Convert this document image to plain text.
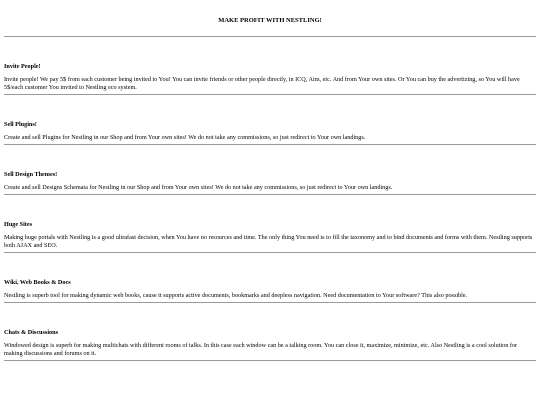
MAKE PROFIT WITH NESTLING!
Invite People!

Invite people! We pay 5$ from each customer being invited to You! You can invite friends or other people directly, in ICQ, Aim, etc. And from Your own sites. Or You can buy the advertizing, so You will have 5$/each customer You invited to Nestling eco system.

Sell Plugins!

Create and sell Plugins for Nestling in our Shop and from Your own sites! We do not take any commissions, so just redirect to Your own landings.

Sell Design Themes!

Create and sell Designs Schemata for Nestling in our Shop and from Your own sites! We do not take any commissions, so just redirect to Your own landings.

Huge Sites

Making huge portals with Nestling is a good ultrafast decision, when You have no resources and time. The only thing You need is to fill the taxonomy and to bind documents and forms with them. Nestling supports both AJAX and SEO.

Wiki, Web Books & Docs

Nestling is superb tool for making dynamic web books, cause it supports active documents, bookmarks and deepless navigation. Need documentation to Your software? This also possible.

Chats & Discussions

Windowed design is superb for making multichats with different rooms of talks. In this case each window can be a talking room. You can close it, maximize, minimize, etc. Also Nestling is a cool solution for making discussions and forums on it.
